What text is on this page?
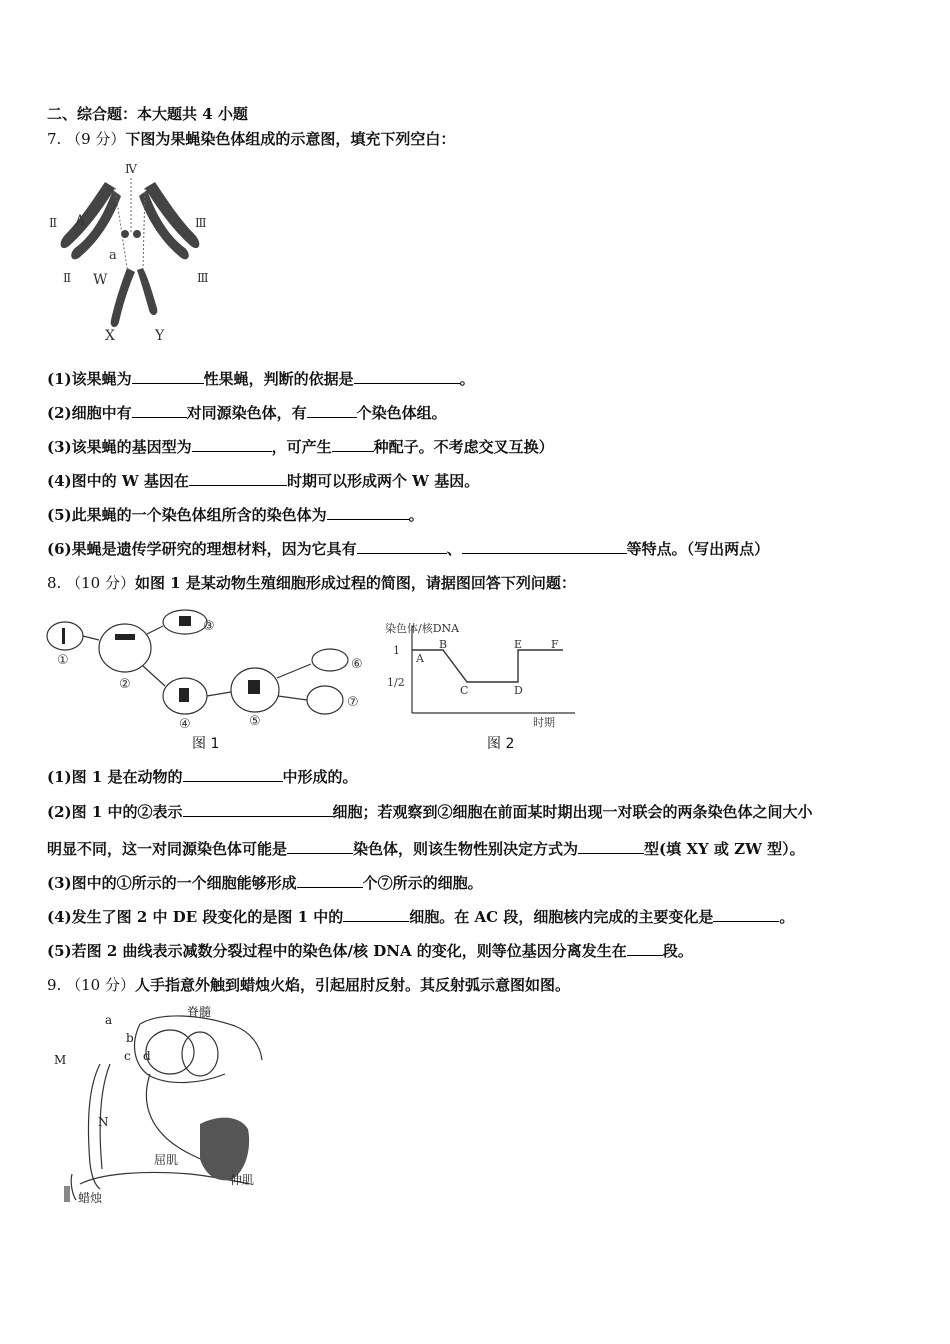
二、综合题：本大题共 4 小题
7. （9 分）下图为果蝇染色体组成的示意图，填充下列空白：
Ⅳ
Ⅱ
Ⅱ
Ⅲ
Ⅲ
A
a
W
X	Y
(1)该果蝇为	性果蝇，判断的依据是	。
(2)细胞中有	对同源染色体，有	个染色体组。
(3)该果蝇的基因型为	，可产生	种配子。不考虑交叉互换）
(4)图中的 W 基因在	时期可以形成两个 W 基因。
(5)此果蝇的一个染色体组所含的染色体为	。
(6)果蝇是遗传学研究的理想材料，因为它具有	、	等特点。（写出两点）
8. （10 分）如图 1 是某动物生殖细胞形成过程的简图，请据图回答下列问题：
①
②
③
④	⑤
⑥
⑦
图 1
染色体/核DNA
时期
1
1/2
A
B
C	D
E	F
图 2
(1)图 1 是在动物的	中形成的。
(2)图 1 中的②表示	细胞；若观察到②细胞在前面某时期出现一对联会的两条染色体之间大小
明显不同，这一对同源染色体可能是	染色体，则该生物性别决定方式为	型(填 XY 或 ZW 型）。
(3)图中的①所示的一个细胞能够形成	个⑦所示的细胞。
(4)发生了图 2 中 DE 段变化的是图 1 中的	细胞。在 AC 段，细胞核内完成的主要变化是	。
(5)若图 2 曲线表示减数分裂过程中的染色体/核 DNA 的变化，则等位基因分离发生在 段。
9. （10 分）人手指意外触到蜡烛火焰，引起屈肘反射。其反射弧示意图如图。
脊髓
a
b
c d
M
N
屈肌
伸肌
蜡烛
